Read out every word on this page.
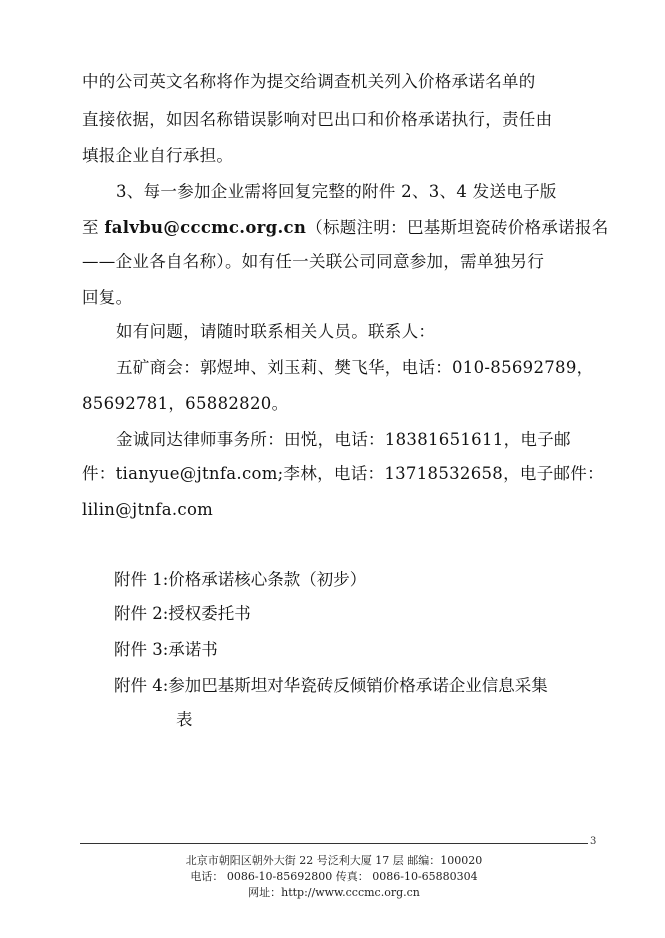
中的公司英文名称将作为提交给调查机关列入价格承诺名单的
直接依据，如因名称错误影响对巴出口和价格承诺执行，责任由
填报企业自行承担。
3、每一参加企业需将回复完整的附件 2、3、4 发送电子版
至 falvbu@cccmc.org.cn（标题注明：巴基斯坦瓷砖价格承诺报名
——企业各自名称）。如有任一关联公司同意参加，需单独另行
回复。
如有问题，请随时联系相关人员。联系人：
五矿商会：郭煜坤、刘玉莉、樊飞华，电话：010-85692789，
85692781，65882820。
金诚同达律师事务所：田悦，电话：18381651611，电子邮
件：tianyue@jtnfa.com;李林，电话：13718532658，电子邮件：
lilin@jtnfa.com
附件 1:价格承诺核心条款（初步）
附件 2:授权委托书
附件 3:承诺书
附件 4:参加巴基斯坦对华瓷砖反倾销价格承诺企业信息采集
表
3
北京市朝阳区朝外大街 22 号泛利大厦 17 层 邮编：100020
电话： 0086-10-85692800 传真： 0086-10-65880304
网址：http://www.cccmc.org.cn
